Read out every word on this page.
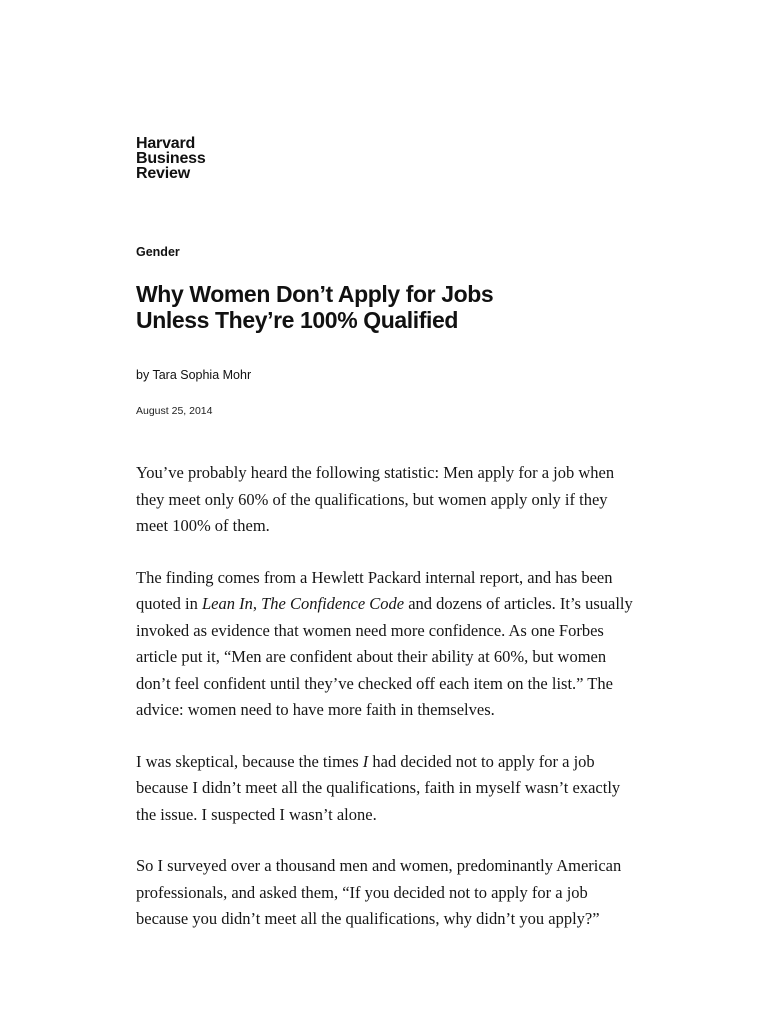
Harvard
Business
Review
Gender
Why Women Don’t Apply for Jobs Unless They’re 100% Qualified
by Tara Sophia Mohr
August 25, 2014

You’ve probably heard the following statistic: Men apply for a job when they meet only 60% of the qualifications, but women apply only if they meet 100% of them.

The finding comes from a Hewlett Packard internal report, and has been quoted in Lean In, The Confidence Code and dozens of articles. It’s usually invoked as evidence that women need more confidence. As one Forbes article put it, “Men are confident about their ability at 60%, but women don’t feel confident until they’ve checked off each item on the list.” The advice: women need to have more faith in themselves.

I was skeptical, because the times I had decided not to apply for a job because I didn’t meet all the qualifications, faith in myself wasn’t exactly the issue. I suspected I wasn’t alone.

So I surveyed over a thousand men and women, predominantly American professionals, and asked them, “If you decided not to apply for a job because you didn’t meet all the qualifications, why didn’t you apply?”
